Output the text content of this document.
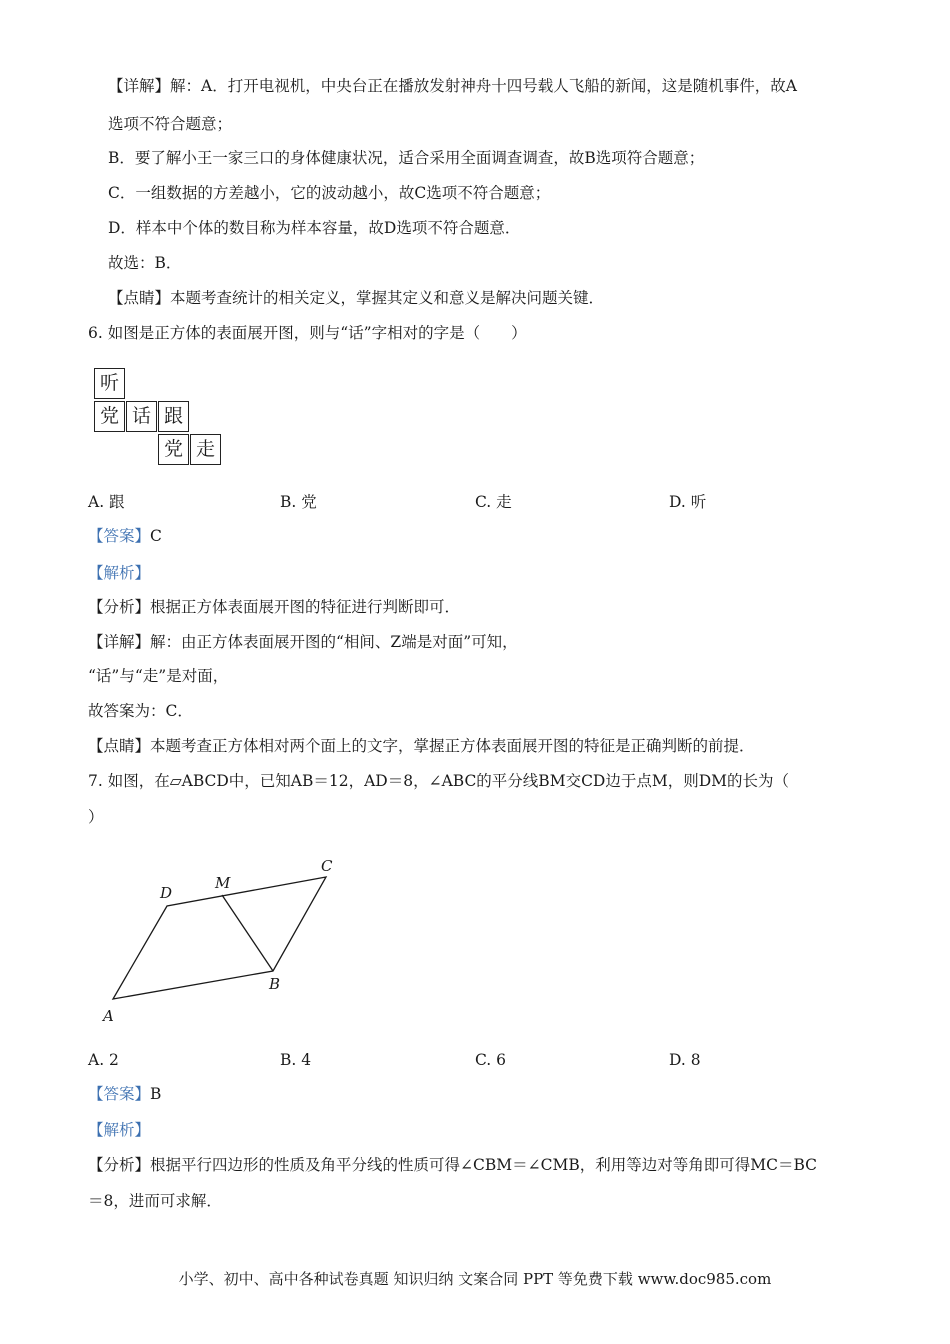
【详解】解：A．打开电视机，中央台正在播放发射神舟十四号载人飞船的新闻，这是随机事件，故A
选项不符合题意；
B．要了解小王一家三口的身体健康状况，适合采用全面调查调查，故B选项符合题意；
C．一组数据的方差越小，它的波动越小，故C选项不符合题意；
D．样本中个体的数目称为样本容量，故D选项不符合题意．
故选：B．
【点睛】本题考查统计的相关定义，掌握其定义和意义是解决问题关键．
6. 如图是正方体的表面展开图，则与“话”字相对的字是（　　）
听
党 话 跟
党 走
A. 跟	B. 党	C. 走	D. 听
【答案】C
【解析】
【分析】根据正方体表面展开图的特征进行判断即可．
【详解】解：由正方体表面展开图的“相间、Z端是对面”可知，
“话”与“走”是对面，
故答案为：C．
【点睛】本题考查正方体相对两个面上的文字，掌握正方体表面展开图的特征是正确判断的前提．
7. 如图，在▱ABCD中，已知AB＝12，AD＝8，∠ABC的平分线BM交CD边于点M，则DM的长为（
）
A
B
C
D
M
A. 2	B. 4	C. 6	D. 8
【答案】B
【解析】
【分析】根据平行四边形的性质及角平分线的性质可得∠CBM＝∠CMB，利用等边对等角即可得MC＝BC
＝8，进而可求解．
小学、初中、高中各种试卷真题 知识归纳 文案合同 PPT 等免费下载 www.doc985.com
